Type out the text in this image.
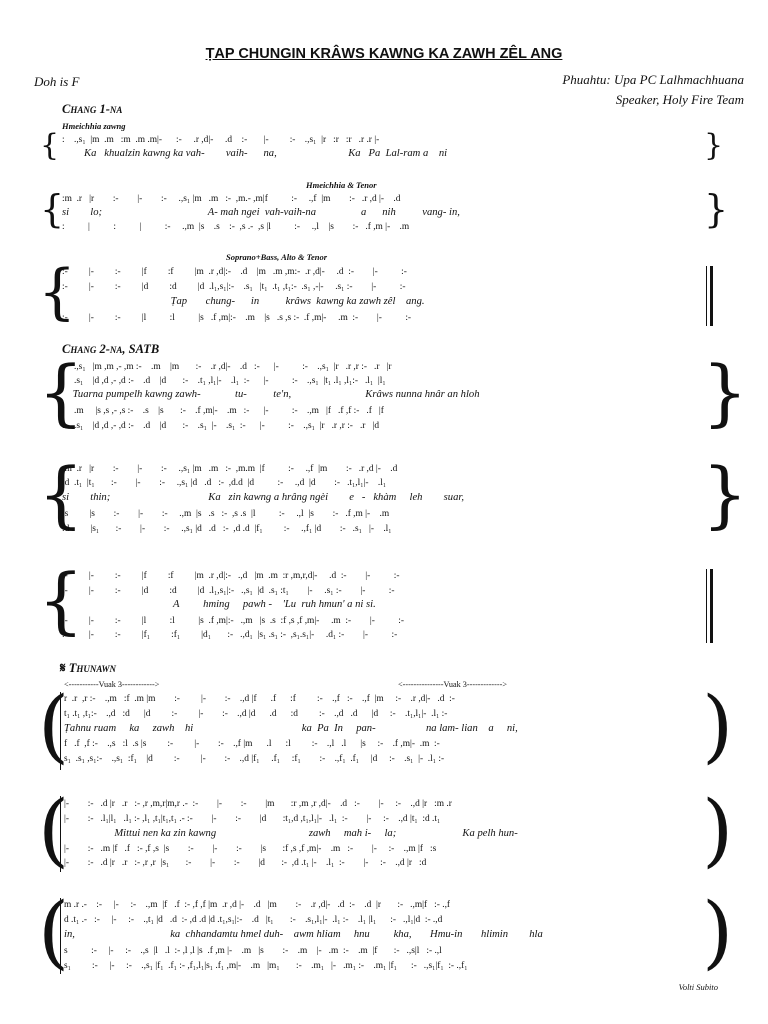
ṬAP CHUNGIN KRÂWS KAWNG KA ZAWH ZÊL ANG
Doh is F	Phuahtu: Upa PC Lalhmachhuana
Speaker, Holy Fire Team
Chang 1-na
Hmeichhia zawng
{ :    .,s₁  |m  .m   :m  .m .m|-      :-     .r ,d|-     .d    :-       |-         :-    .,s₁  |r   :r   :r   .r .r |-
Ka   khualzin kawng ka vah-        vaih-      na,                           Ka   Pa  Lal-ram a    ni	}
Hmeichhia & Tenor
{
:m  .r   |r        :-        |-        :-     .,s₁ |m   .m   :-  ,m.- ,m|f          :-     .,f  |m        :-   .r ,d |-    .d
si        lo;                                        A- mah ngei  vah-vaih-na                 a      nih          vang- in,
:          |          :          |          :-     .,m  |s    .s    :-  ,s .-  ,s |l          :-     .,l    |s        :-   .f ,m |-    .m	}
Soprano+Bass, Alto & Tenor
{
:-         |-         :-         |f         :f         |m  .r ,d|:-    .d    |m   .m ,m:-  .r ,d|-     .d  :-        |-          :-
:-         |-         :-         |d         :d         |d  .l₁,s₁|:-    .s₁   |t₁  .t₁ ,t₁:-  .s₁ ,-|-     .s₁ :-        |-          :-
Ṭap       chung-      in          krâws  kawng ka zawh zêl    ang.
:-         |-         :-         |l          :l          |s   .f ,m|:-    .m    |s   .s ,s :-  .f ,m|-     .m  :-        |-          :-
Chang 2-na, SATB
{
:    .,s₁   |m ,m ,- ,m :-    .m    |m       :-    .r ,d|-    .d   :-      |-          :-    .,s₁  |r   .r ,r :-   .r   |r
:    .s₁    |d ,d ,- ,d :-    .d    |d       :-    .t₁ ,l₁|-    .l₁  :-      |-          :-    .,s₁  |t₁ .l₁ ,l₁:-   .l₁  |l₁
Tuarna pumpelh kawng zawh-             tu-          te'n,                            Krâws nunna hnâr an hloh
:    .m     |s ,s ,- ,s :-    .s    |s       :-    .f ,m|-    .m   :-      |-          :-    .,m   |f   .f ,f :-   .f   |f
:    .s₁    |d ,d ,- ,d :-    .d    |d       :-    .s₁  |-    .s₁  :-      |-          :-    .,s₁  |r   .r ,r :-   .r   |d	}
{
:m  .r   |r        :-        |-        :-     .,s₁ |m   .m   :-  ,m.m  |f          :-     .,f  |m        :-   .r ,d |-    .d
:d  .t₁  |t₁       :-        |-        :-     .,s₁ |d   .d   :-  ,d.d  |d          :-     .,d  |d        :-   .t₁,l₁|-    .l₁
si        thin;                                     Ka   zin kawng a hrâng ngèi        e   -   khàm     leh        suar,
:s         |s        :-        |-        :-     .,m  |s   .s   :-  ,s .s  |l          :-     .,l  |s        :-   .f ,m |-    .m
:d         |s₁       :-        |-        :-     .,s₁ |d   .d   :-  ,d .d  |f₁         :-     .,f₁ |d        :-   .s₁   |-    .l₁	}
{
:-         |-         :-         |f         :f         |m  .r ,d|:-   .,d   |m  .m  :r ,m,r,d|-     .d  :-        |-          :-
:-         |-         :-         |d         :d         |d  .l₁,s₁|:-   .,s₁  |d  .s₁ :t₁        |-     .s₁ :-        |-          :-
A         hming     pawh -    'Lu  ruh hmun' a ni si.
:-         |-         :-         |l          :l          |s  .f ,m|:-   .,m   |s  .s  :f ,s ,f ,m|-     .m  :-        |-          :-
:-         |-         :-         |f₁         :f₁         |d₁       :-   .,d₁  |s₁ .s₁ :-  ,s₁.s₁|-     .d₁ :-        |-          :-
𝄋 Thunawn
<-----------Vuak 3------------>	<---------------Vuak 3------------->
(
r  .r  ,r :-    .,m   :f  .m |m        :-         |-        :-    .,d |f      .f      :f         :-    .,f   :-    .,f  |m     :-    .r ,d|-   .d  :-
t₁ .t₁ ,t₁:-    .,d   :d      |d         :-         |-        :-    .,d |d      .d      :d         :-    .,d   .d      |d     :-    .t₁,l₁|-  .l₁ :-
Ṭahnu ruam     ka     zawh    hi                                         ka  Pa  In     pan-                   na lam- lian    a     ni,
f   .f  ,f :-    .,s   :l  .s |s         :-         |-        :-    .,f |m      .l      :l         :-    .,l   .l      |s     :-    .f ,m|-  .m  :-
s₁  .s₁ ,s₁:-    .,s₁  :f₁    |d         :-         |-        :-    .,d |f₁     .f₁     :f₁        :-    .,f₁  .f₁     |d     :-    .s₁  |-  .l₁ :-	)
(
|-        :-   .d |r   .r   :- ,r ,m,r|m,r .-  :-        |-        :-        |m       :r ,m ,r ,d|-    .d   :-        |-     :-    .,d |r   :m .r
|-        :-   .l₁|l₁   .l₁ :- ,l₁ ,t₁|t₁,t₁ .- :-        |-        :-        |d       :t₁,d ,t₁,l₁|-   .l₁  :-        |-     :-    .,d |t₁  :d .t₁
Mittui nen ka zin kawng                                   zawh     mah i-     la;                         Ka pelh hun-
|-        :-   .m |f   .f   :- ,f ,s  |s        :-        |-        :-        |s       :f ,s ,f ,m|-    .m   :-        |-     :-    .,m |f   :s
|-        :-   .d |r   .r   :- ,r ,r  |s₁       :-        |-        :-        |d       :-  ,d .t₁ |-    .l₁  :-        |-     :-    .,d |r   :d	)
(
m .r .-    :-     |-     :-    .,m  |f   .f  :- ,f ,f |m  .r ,d |-    .d   |m        :-    .r ,d|-   .d  :-    .d  |r       :-   .,m|f   :- .,f
d .t₁ .-   :-     |-     :-    .,t₁ |d   .d  :- ,d .d |d .t₁,s₁|:-    .d   |t₁       :-    .s₁,l₁|-  .l₁ :-    .l₁ |l₁      :-   .,l₁|d  :- .,d
in,                                    ka  chhandamtu hmel duh-    awm hliam     hnu         kha,       Hmu-in       hlimin        hla
s          :-     |-     :-    .,s  |l   .l  :- ,l ,l |s  .f ,m |-    .m   |s        :-    .m    |-   .m  :-    .m  |f       :-   .,s|l   :- .,l
s₁         :-     |-     :-    .,s₁ |f₁  .f₁ :- ,f₁,l₁|s₁ .f₁ ,m|-    .m   |m₁       :-    .m₁   |-   .m₁ :-    .m₁ |f₁      :-   .,s₁|f₁  :- .,f₁	)
Volti Subito
